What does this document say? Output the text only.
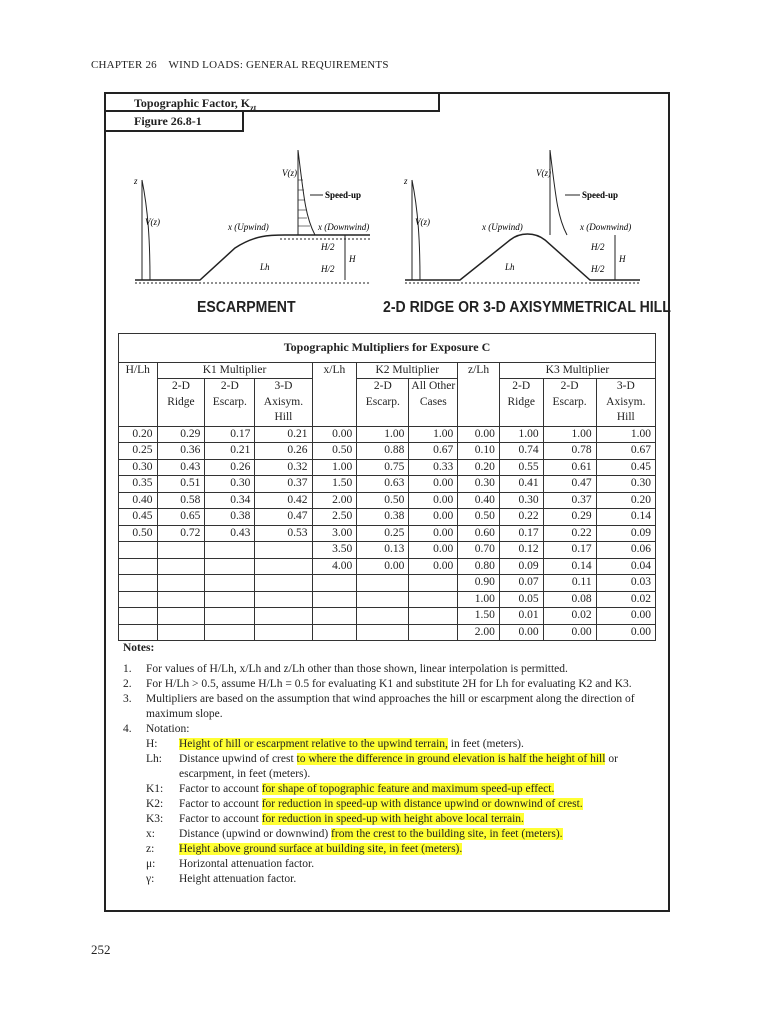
CHAPTER 26 WIND LOADS: GENERAL REQUIREMENTS
Topographic Factor, $K_{zt}$
Figure 26.8-1
z
V(z)
V(z)
Speed-up
x (Upwind)	x (Downwind)
H/2
H/2
H
Lh
z
V(z)
V(z)
Speed-up
x (Upwind)	x (Downwind)
H/2
H/2
H
Lh
ESCARPMENT	2-D RIDGE OR 3-D AXISYMMETRICAL HILL
Topographic Multipliers for Exposure C										
H/Lh	K1 Multiplier			x/Lh	K2 Multiplier		z/Lh	K3 Multiplier		
	2-D Ridge	2-D Escarp.	3-D Axisym. Hill		2-D Escarp.	All Other Cases		2-D Ridge	2-D Escarp.	3-D Axisym. Hill
0.20	0.29	0.17	0.21	0.00	1.00	1.00	0.00	1.00	1.00	1.00
0.25	0.36	0.21	0.26	0.50	0.88	0.67	0.10	0.74	0.78	0.67
0.30	0.43	0.26	0.32	1.00	0.75	0.33	0.20	0.55	0.61	0.45
0.35	0.51	0.30	0.37	1.50	0.63	0.00	0.30	0.41	0.47	0.30
0.40	0.58	0.34	0.42	2.00	0.50	0.00	0.40	0.30	0.37	0.20
0.45	0.65	0.38	0.47	2.50	0.38	0.00	0.50	0.22	0.29	0.14
0.50	0.72	0.43	0.53	3.00	0.25	0.00	0.60	0.17	0.22	0.09
				3.50	0.13	0.00	0.70	0.12	0.17	0.06
				4.00	0.00	0.00	0.80	0.09	0.14	0.04
							0.90	0.07	0.11	0.03
							1.00	0.05	0.08	0.02
							1.50	0.01	0.02	0.00
							2.00	0.00	0.00	0.00
Notes:
1. For values of H/Lh, x/Lh and z/Lh other than those shown, linear interpolation is permitted.
2. For H/Lh > 0.5, assume H/Lh = 0.5 for evaluating K1 and substitute 2H for Lh for evaluating K2 and K3.
3. Multipliers are based on the assumption that wind approaches the hill or escarpment along the direction of maximum slope.
4. Notation:
H: Height of hill or escarpment relative to the upwind terrain, in feet (meters).
Lh: Distance upwind of crest to where the difference in ground elevation is half the height of hill or escarpment, in feet (meters).
K1: Factor to account for shape of topographic feature and maximum speed-up effect.
K2: Factor to account for reduction in speed-up with distance upwind or downwind of crest.
K3: Factor to account for reduction in speed-up with height above local terrain.
x: Distance (upwind or downwind) from the crest to the building site, in feet (meters).
z: Height above ground surface at building site, in feet (meters).
μ: Horizontal attenuation factor.
γ: Height attenuation factor.
252
